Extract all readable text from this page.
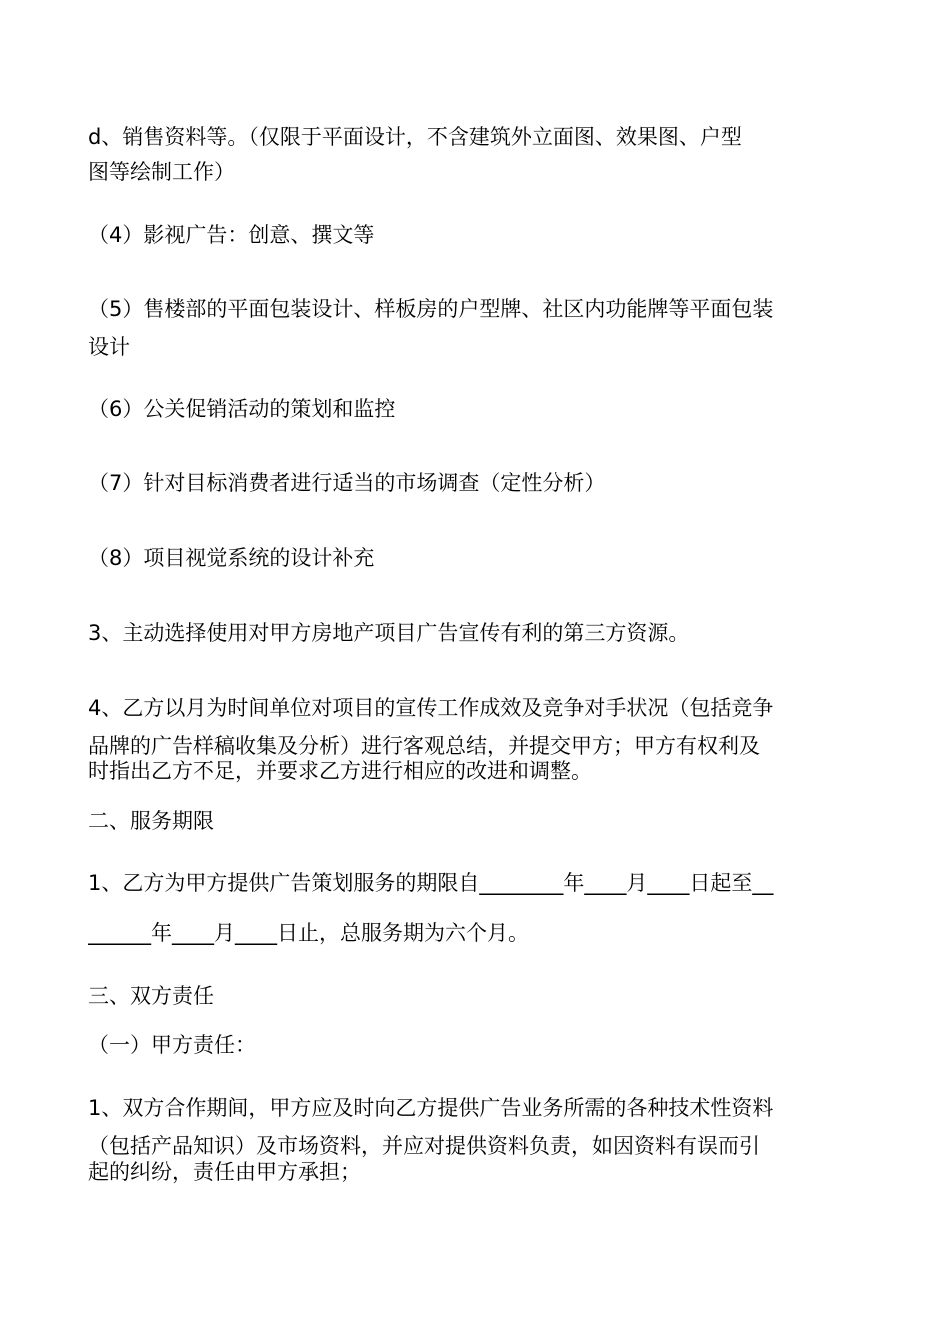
d、销售资料等。（仅限于平面设计，不含建筑外立面图、效果图、户型
图等绘制工作）
（4）影视广告：创意、撰文等
（5）售楼部的平面包装设计、样板房的户型牌、社区内功能牌等平面包装
设计
（6）公关促销活动的策划和监控
（7）针对目标消费者进行适当的市场调查（定性分析）
（8）项目视觉系统的设计补充
3、主动选择使用对甲方房地产项目广告宣传有利的第三方资源。
4、乙方以月为时间单位对项目的宣传工作成效及竞争对手状况（包括竞争
品牌的广告样稿收集及分析）进行客观总结，并提交甲方；甲方有权利及
时指出乙方不足，并要求乙方进行相应的改进和调整。
二、服务期限
1、乙方为甲方提供广告策划服务的期限自________年____月____日起至__
______年____月____日止，总服务期为六个月。
三、双方责任
（一）甲方责任：
1、双方合作期间，甲方应及时向乙方提供广告业务所需的各种技术性资料
（包括产品知识）及市场资料，并应对提供资料负责，如因资料有误而引
起的纠纷，责任由甲方承担；
